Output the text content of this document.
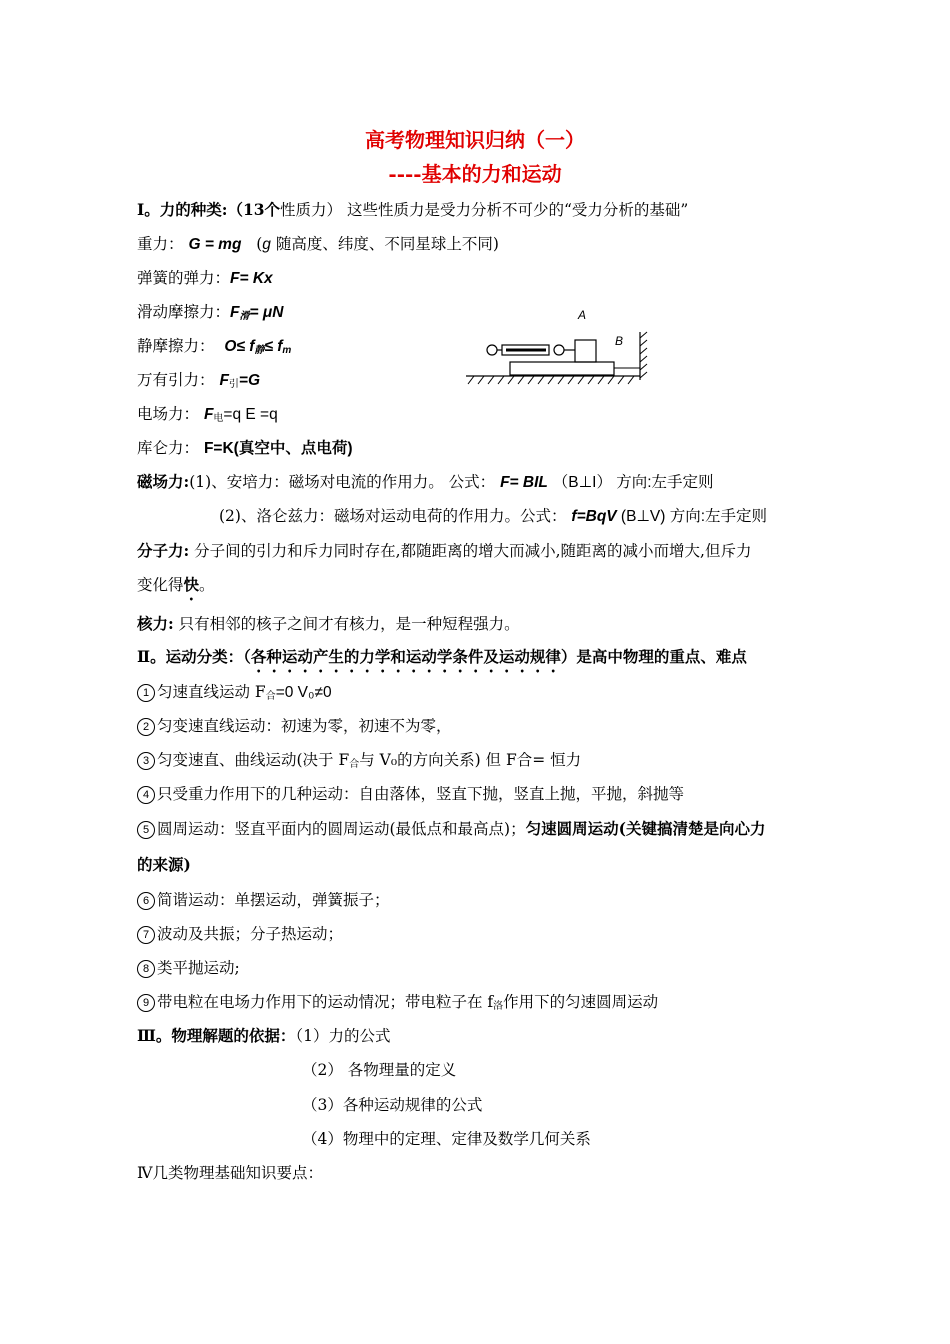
高考物理知识归纳（一）
----基本的力和运动
Ⅰ。力的种类:（13个性质力） 这些性质力是受力分析不可少的“受力分析的基础”
重力： G = mg   (g 随高度、纬度、不同星球上不同)
弹簧的弹力：F= Kx
滑动摩擦力：$F_滑= \mu N$
静摩擦力： $O\le f_静\le f_m$
万有引力： $F_引=G$
电场力： $F_电=q$ E =q
库仑力： F=K(真空中、点电荷)
磁场力:(1)、安培力：磁场对电流的作用力。 公式： F= BIL （B⊥I） 方向:左手定则
(2)、洛仑兹力：磁场对运动电荷的作用力。公式： f=BqV (B⊥V) 方向:左手定则
分子力: 分子间的引力和斥力同时存在,都随距离的增大而减小,随距离的减小而增大,但斥力
变化得快。
核力: 只有相邻的核子之间才有核力，是一种短程强力。
A
B
Ⅱ。运动分类：（各种运动产生的力学和运动学条件及运动规律）是高中物理的重点、难点
1 匀速直线运动 $F_合=0$ V₀≠0
2 匀变速直线运动：初速为零，初速不为零，
3 匀变速直、曲线运动(决于 $F_合$与 V₀的方向关系) 但 F合= 恒力
4 只受重力作用下的几种运动：自由落体，竖直下抛，竖直上抛，平抛，斜抛等
5 圆周运动：竖直平面内的圆周运动(最低点和最高点)；匀速圆周运动(关键搞清楚是向心力
的来源)
6 简谐运动：单摆运动，弹簧振子；
7 波动及共振；分子热运动；
8 类平抛运动;
9 带电粒在电场力作用下的运动情况；带电粒子在 $f_洛$作用下的匀速圆周运动
Ⅲ。物理解题的依据：（1）力的公式
（2） 各物理量的定义
（3）各种运动规律的公式
（4）物理中的定理、定律及数学几何关系
Ⅳ几类物理基础知识要点：
